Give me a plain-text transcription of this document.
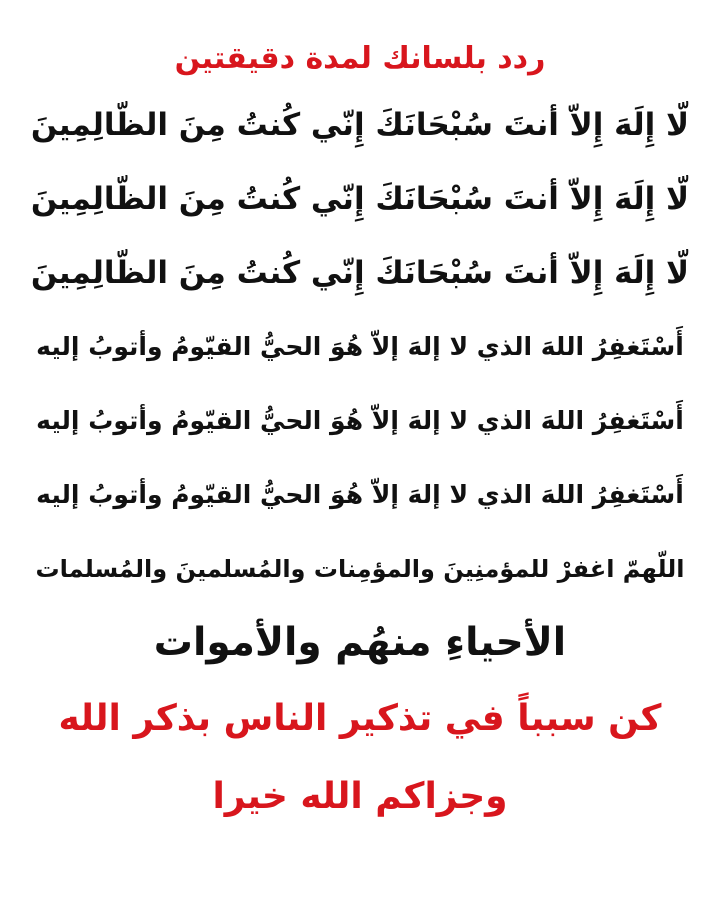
ردد بلسانك لمدة دقيقتين

لّا إِلَهَ إِلاّ أنتَ سُبْحَانَكَ إِنّي كُنتُ مِنَ الظّالِمِينَ

لّا إِلَهَ إِلاّ أنتَ سُبْحَانَكَ إِنّي كُنتُ مِنَ الظّالِمِينَ

لّا إِلَهَ إِلاّ أنتَ سُبْحَانَكَ إِنّي كُنتُ مِنَ الظّالِمِينَ

أَسْتَغفِرُ اللهَ الذي لا إلهَ إلاّ هُوَ الحيُّ القيّومُ وأتوبُ إليه

أَسْتَغفِرُ اللهَ الذي لا إلهَ إلاّ هُوَ الحيُّ القيّومُ وأتوبُ إليه

أَسْتَغفِرُ اللهَ الذي لا إلهَ إلاّ هُوَ الحيُّ القيّومُ وأتوبُ إليه

اللّهمّ اغفرْ للمؤمنِينَ والمؤمِنات والمُسلمينَ والمُسلمات

الأحياءِ منهُم والأموات

كن سبباً في تذكير الناس بذكر الله

وجزاكم الله خيرا
